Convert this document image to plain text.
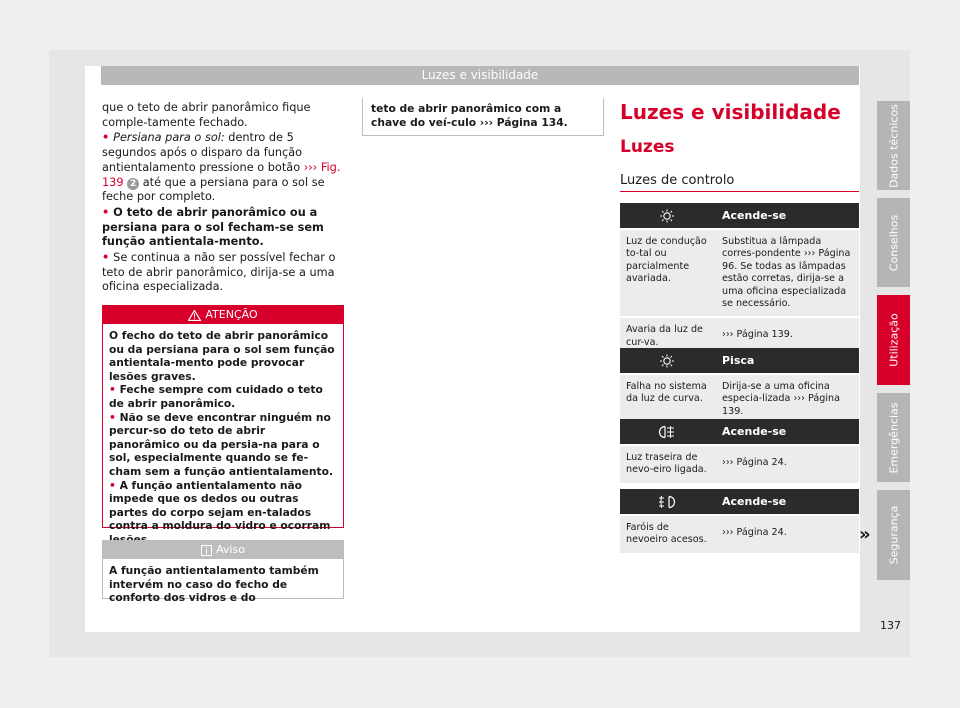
Luzes e visibilidade

que o teto de abrir panorâmico fique comple-tamente fechado.

• Persiana para o sol: dentro de 5 segundos após o disparo da função antientalamento pressione o botão ››› Fig. 139 2 até que a persiana para o sol se feche por completo.

• O teto de abrir panorâmico ou a persiana para o sol fecham-se sem função antientala-mento.

• Se continua a não ser possível fechar o teto de abrir panorâmico, dirija-se a uma oficina especializada.

ATENÇÃO

O fecho do teto de abrir panorâmico ou da persiana para o sol sem função antientala-mento pode provocar lesões graves.

• Feche sempre com cuidado o teto de abrir panorâmico.

• Não se deve encontrar ninguém no percur-so do teto de abrir panorâmico ou da persia-na para o sol, especialmente quando se fe-cham sem a função antientalamento.

• A função antientalamento não impede que os dedos ou outras partes do corpo sejam en-talados contra a moldura do vidro e ocorram

Aviso
A função antientalamento também intervém no caso do fecho de conforto dos vidros e do
teto de abrir panorâmico com a chave do veí-culo ››› Página 134.	Luzes e visibilidade
Luzes
Luzes de controlo
Acende-se
Luz de condução to-tal ou parcialmente avariada.
Substitua a lâmpada corres-pondente ››› Página 96. Se todas as lâmpadas estão corretas, dirija-se a uma oficina especializada se necessário.
Avaria da luz de cur-va.
››› Página 139.
Pisca
Falha no sistema da luz de curva.
Dirija-se a uma oficina especia-lizada ››› Página 139.
Acende-se
Luz traseira de nevo-eiro ligada.
››› Página 24.
Acende-se
Faróis de nevoeiro acesos.
››› Página 24.	»
Dados técnicos
Conselhos
Utilização
Emergências
Segurança
137
